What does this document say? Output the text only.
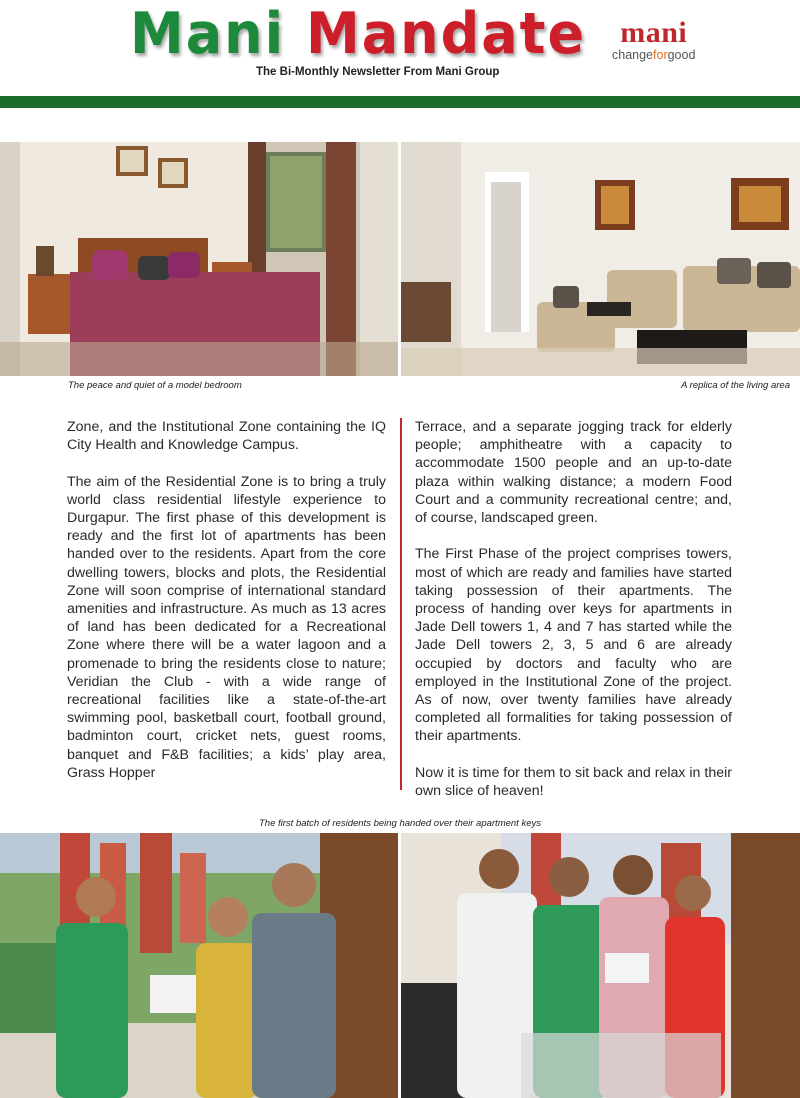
Mani Mandate
The Bi-Monthly Newsletter From Mani Group
mani
changeforgood
The peace and quiet of a model bedroom	A replica of the living area

Zone, and the Institutional Zone containing the IQ City Health and Knowledge Campus.

The aim of the Residential Zone is to bring a truly world class residential lifestyle experience to Durgapur. The first phase of this development is ready and the first lot of apartments has been handed over to the residents. Apart from the core dwelling towers, blocks and plots, the Residential Zone will soon comprise of international standard amenities and infrastructure. As much as 13 acres of land has been dedicated for a Recreational Zone where there will be a water lagoon and a promenade to bring the residents close to nature; Veridian the Club - with a wide range of recreational facilities like a state-of-the-art swimming pool, basketball court, football ground, badminton court, cricket nets, guest rooms, banquet and F&B facilities; a kids’ play area, Grass Hopper

Terrace, and a separate jogging track for elderly people; amphitheatre with a capacity to accommodate 1500 people and an up-to-date plaza within walking distance; a modern Food Court and a community recreational centre; and, of course, landscaped green.

The First Phase of the project comprises towers, most of which are ready and families have started taking possession of their apartments. The process of handing over keys for apartments in Jade Dell towers 1, 4 and 7 has started while the Jade Dell towers 2, 3, 5 and 6 are already occupied by doctors and faculty who are employed in the Institutional Zone of the project. As of now, over twenty families have already completed all formalities for taking possession of their apartments.

Now it is time for them to sit back and relax in their own slice of heaven!

The first batch of residents being handed over their apartment keys
